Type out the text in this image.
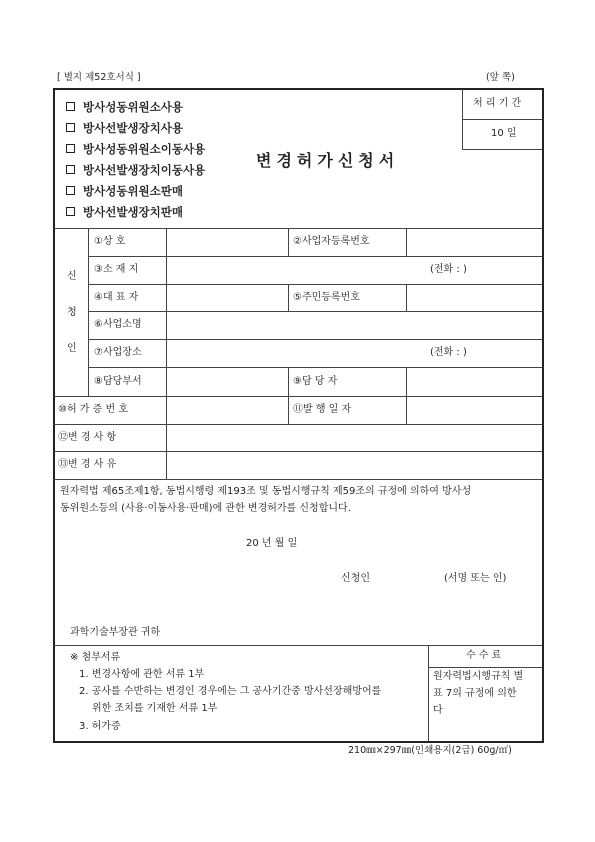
[ 별지 제52호서식 ]	(앞 쪽)
방사성동위원소사용
방사선발생장치사용
방사성동위원소이동사용
방사선발생장치이동사용
방사성동위원소판매
방사선발생장치판매
변경허가신청서
처 리 기 간
10 일
신
청
인
①상 호	②사업자등록번호
③소 재 지	(전화 : )
④대 표 자	⑤주민등록번호
⑥사업소명
⑦사업장소	(전화 : )
⑧담당부서	⑨담 당 자
⑩허 가 증 번 호	⑪발 행 일 자
⑫변 경 사 항
⑬변 경 사 유
원자력법 제65조제1항, 동법시행령 제193조 및 동법시행규칙 제59조의 규정에 의하여 방사성
동위원소등의 (사용·이동사용·판매)에 관한 변경허가를 신청합니다.
20 년 월 일
신청인	(서명 또는 인)
과학기술부장관 귀하
※ 첨부서류
1. 변경사항에 관한 서류 1부
2. 공사를 수반하는 변경인 경우에는 그 공사기간중 방사선장해방어를
위한 조치를 기재한 서류 1부
3. 허가증
수 수 료
원자력법시행규칙 별
표 7의 규정에 의한
다
210㎜×297㎜(인쇄용지(2급) 60g/㎡)
